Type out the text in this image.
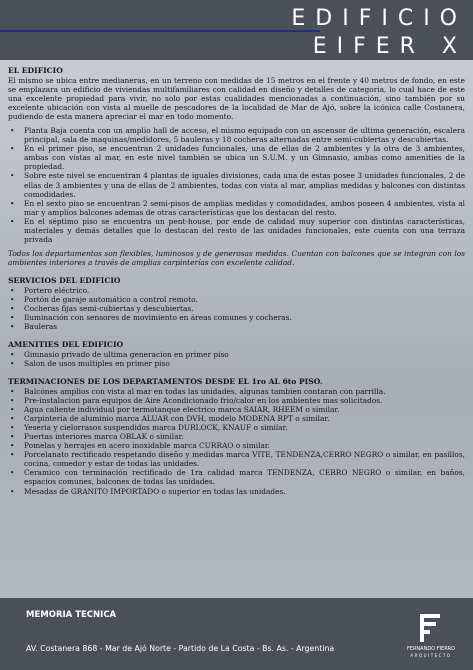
EDIFICIO
EIFER X
EL EDIFICIO

El mismo se ubica entre medianeras, en un terreno con medidas de 15 metros en el frente y 40 metros de fondo, en este se emplazara un edificio de viviendas multifamiliares con calidad en diseño y detalles de categoria, lo cual hace de este una excelente propiedad para vivir, no solo por estas cualidades mencionadas a continuación, sino también por su excelente ubicación con vista al muelle de pescadores de la localidad de Mar de Ajó, sobre la icónica calle Costanera, pudiendo de esta manera apreciar el mar en todo momento.

• Planta Baja cuenta con un amplio hall de acceso, el mismo equipado con un ascensor de ultima generación, escalera principal, sala de maquinas/medidores, 5 bauleras y 18 cocheras alternadas entre semi-cubiertas y descubiertas.
• En el primer piso, se encuentran 2 unidades funcionales, una de ellas de 2 ambientes y la otra de 3 ambientes, ambas con vistas al mar, en este nivel también se ubica un S.U.M. y un Gimnasio, ambas como amenities de la propiedad.
• Sobre este nivel se encuentran 4 plantas de iguales divisiones, cada una de estas posee 3 unidades funcionales, 2 de ellas de 3 ambientes y una de ellas de 2 ambientes, todas con vista al mar, amplias medidas y balcones con distintas comodidades.
• En el sexto piso se encuentran 2 semi-pisos de amplias medidas y comodidades, ambos poseen 4 ambientes, vista al mar y amplios balcones ademas de otras características que los destacan del resto.
• En el séptimo piso se encuentra un pent-house, por ende de calidad muy superior con distintas características, materiales y demás detalles que lo destacan del resto de las unidades funcionales, este cuenta con una terraza privada

Todos los departamentos son flexibles, luminosos y de generosas medidas. Cuentan con balcones que se integran con los ambientes interiores a través de amplias carpinterías con excelente calidad.

SERVICIOS DEL EDIFICIO
• Portero eléctrico.
• Portón de garaje automático a control remoto.
• Cocheras fijas semi-cubiertas y descubiertas.
• Iluminación con sensores de movimiento en áreas comunes y cocheras.
• Bauleras
AMENITIES DEL EDIFICIO
• Gimnasio privado de ultima generacion en primer piso
• Salon de usos multiples en primer piso
TERMINACIONES DE LOS DEPARTAMENTOS DESDE EL 1ro AL 6to PISO.
• Balcónes amplios con vista al mar en todas las unidades, algunas tambien contaran con parrilla.
• Pre-instalacion para equipos de Aire Acondicionado frio/calor en los ambientes mas solicitados.
• Agua caliente individual por termotanque electrico marca SAIAR, RHEEM o similar.
• Carpintería de aluminio marca ALUAR con DVH, modelo MODENA RPT o similar.
• Yeseria y cielorrasos suspendidos marca DURLOCK, KNAUF o similar.
• Puertas interiores marca OBLAK o similar.
• Pomelas y herrajes en acero inoxidable marca CURRAO o similar.
• Porcelanato rectificado respetando diseño y medidas marca VITE, TENDENZA,CERRO NEGRO o similar, en pasillos, cocina, comedor y estar de todas las unidades.
• Ceramico con terminación rectificado de 1ra calidad marca TENDENZA, CERRO NEGRO o similar, en baños, espacios comunes, balcones de todas las unidades.
• Mesadas de GRANITO IMPORTADO o superior en todas las unidades.
MEMORIA TECNICA
AV. Costanera 868 - Mar de Ajó Norte - Partido de La Costa - Bs. As. - Argentina	FERNANDO FIERRO
ARQUITECTO
